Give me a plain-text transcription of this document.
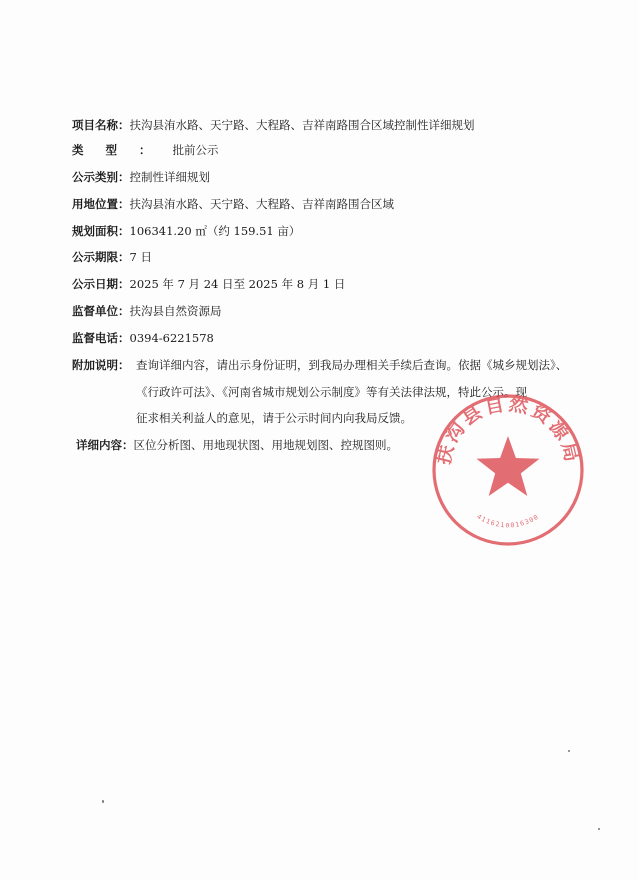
项目名称：扶沟县洧水路、天宁路、大程路、吉祥南路围合区域控制性详细规划
类型：批前公示
公示类别：控制性详细规划
用地位置：扶沟县洧水路、天宁路、大程路、吉祥南路围合区域
规划面积：106341.20 ㎡（约 159.51 亩）
公示期限：7 日
公示日期：2025 年 7 月 24 日至 2025 年 8 月 1 日
监督单位：扶沟县自然资源局
监督电话：0394-6221578
附加说明： 查询详细内容，请出示身份证明，到我局办理相关手续后查询。依据《城乡规划法》、
《行政许可法》、《河南省城市规划公示制度》等有关法律法规，特此公示。现
征求相关利益人的意见，请于公示时间内向我局反馈。
详细内容：区位分析图、用地现状图、用地规划图、控规图则。 扶沟县自然资源局
4116210016300
